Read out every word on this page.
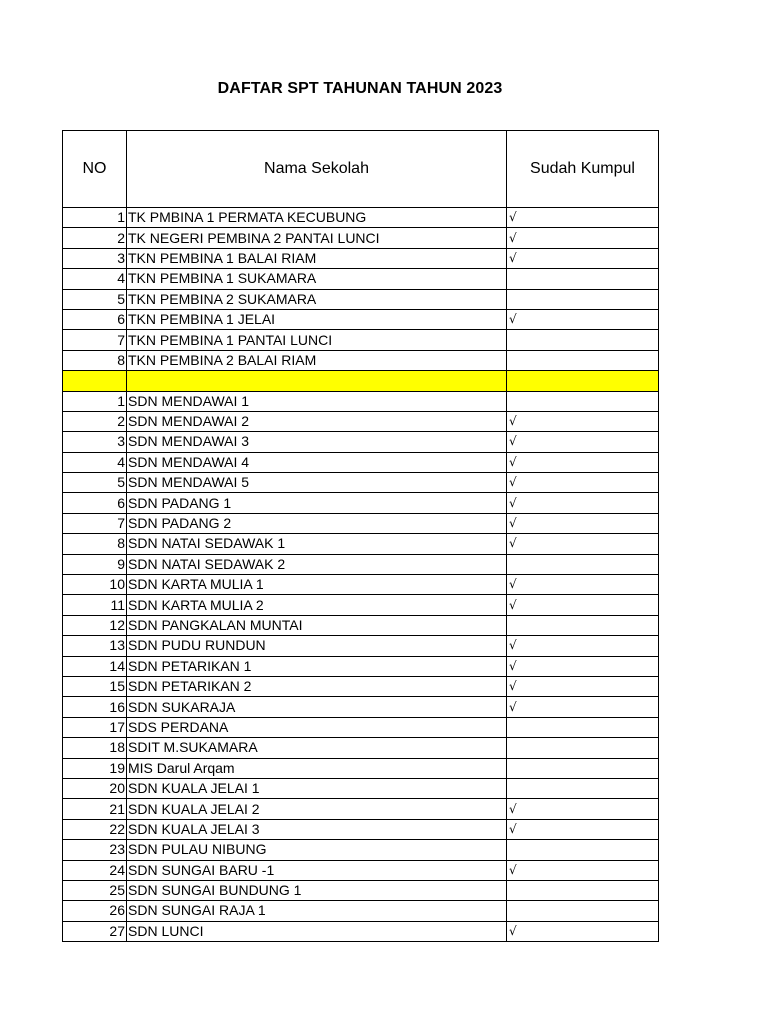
DAFTAR SPT TAHUNAN TAHUN 2023
NO	Nama Sekolah	Sudah Kumpul
1	TK PMBINA 1 PERMATA KECUBUNG	√
2	TK NEGERI PEMBINA 2 PANTAI LUNCI	√
3	TKN PEMBINA 1 BALAI RIAM	√
4	TKN PEMBINA 1 SUKAMARA	
5	TKN PEMBINA 2 SUKAMARA	
6	TKN PEMBINA 1 JELAI	√
7	TKN PEMBINA 1 PANTAI LUNCI	
8	TKN PEMBINA 2 BALAI RIAM	

1	SDN MENDAWAI 1	
2	SDN MENDAWAI 2	√
3	SDN MENDAWAI 3	√
4	SDN MENDAWAI 4	√
5	SDN MENDAWAI 5	√
6	SDN PADANG 1	√
7	SDN PADANG 2	√
8	SDN NATAI SEDAWAK 1	√
9	SDN NATAI SEDAWAK 2	
10	SDN KARTA MULIA 1	√
11	SDN KARTA MULIA 2	√
12	SDN PANGKALAN MUNTAI	
13	SDN PUDU RUNDUN	√
14	SDN PETARIKAN 1	√
15	SDN PETARIKAN 2	√
16	SDN SUKARAJA	√
17	SDS PERDANA	
18	SDIT M.SUKAMARA	
19	MIS Darul Arqam	
20	SDN KUALA JELAI 1	
21	SDN KUALA JELAI 2	√
22	SDN KUALA JELAI 3	√
23	SDN PULAU NIBUNG	
24	SDN SUNGAI BARU -1	√
25	SDN SUNGAI BUNDUNG 1	
26	SDN SUNGAI RAJA 1	
27	SDN LUNCI	√
